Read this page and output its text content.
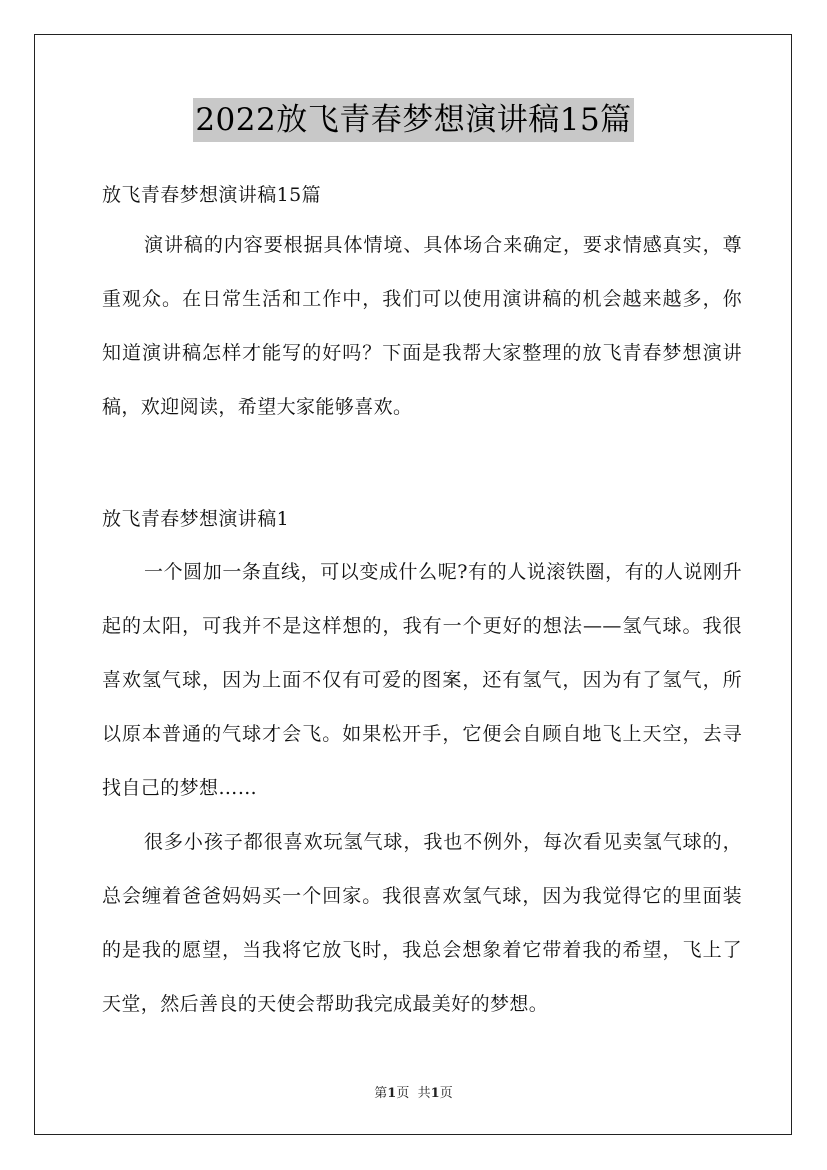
2022放飞青春梦想演讲稿15篇
放飞青春梦想演讲稿15篇
演讲稿的内容要根据具体情境、具体场合来确定，要求情感真实，尊重观众。在日常生活和工作中，我们可以使用演讲稿的机会越来越多，你知道演讲稿怎样才能写的好吗？下面是我帮大家整理的放飞青春梦想演讲稿，欢迎阅读，希望大家能够喜欢。
放飞青春梦想演讲稿1
一个圆加一条直线，可以变成什么呢?有的人说滚铁圈，有的人说刚升起的太阳，可我并不是这样想的，我有一个更好的想法——氢气球。我很喜欢氢气球，因为上面不仅有可爱的图案，还有氢气，因为有了氢气，所以原本普通的气球才会飞。如果松开手，它便会自顾自地飞上天空，去寻找自己的梦想……
很多小孩子都很喜欢玩氢气球，我也不例外，每次看见卖氢气球的，总会缠着爸爸妈妈买一个回家。我很喜欢氢气球，因为我觉得它的里面装的是我的愿望，当我将它放飞时，我总会想象着它带着我的希望，飞上了天堂，然后善良的天使会帮助我完成最美好的梦想。
第1页 共1页
